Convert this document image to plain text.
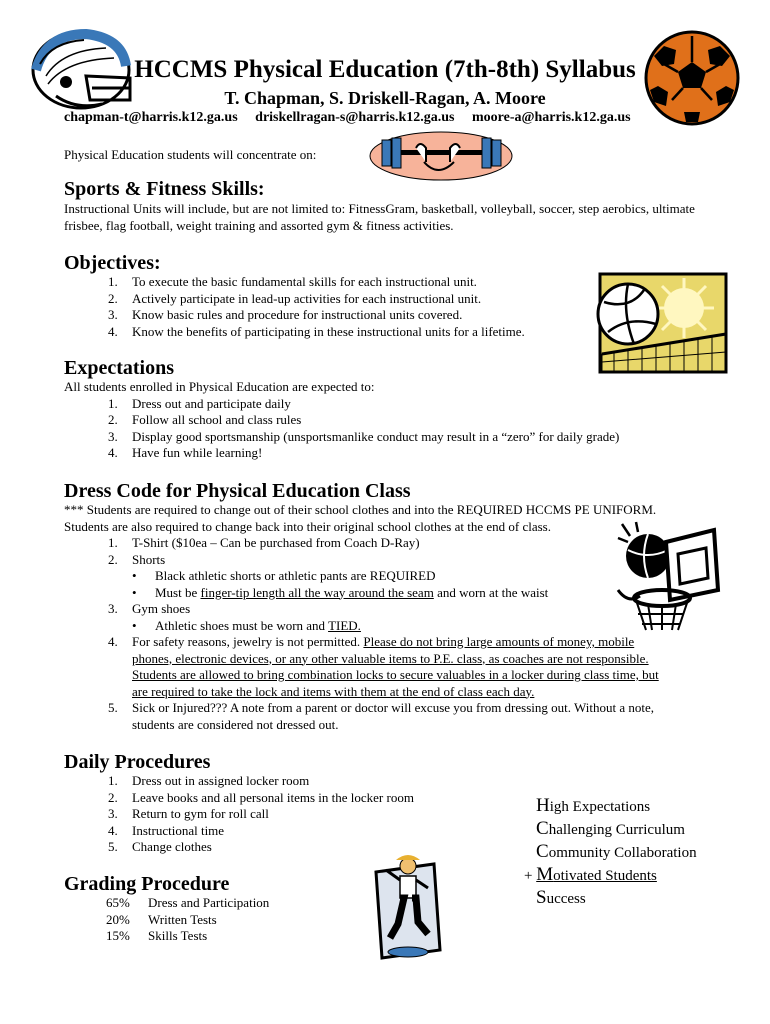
HCCMS Physical Education (7th-8th) Syllabus
T. Chapman, S. Driskell-Ragan, A. Moore
chapman-t@harris.k12.ga.us driskellragan-s@harris.k12.ga.us moore-a@harris.k12.ga.us
Physical Education students will concentrate on:
Sports & Fitness Skills:
Instructional Units will include, but are not limited to: FitnessGram, basketball, volleyball, soccer, step aerobics, ultimate frisbee, flag football, weight training and assorted gym & fitness activities.
Objectives:
1. To execute the basic fundamental skills for each instructional unit.
2. Actively participate in lead-up activities for each instructional unit.
3. Know basic rules and procedure for instructional units covered.
4. Know the benefits of participating in these instructional units for a lifetime.
Expectations
All students enrolled in Physical Education are expected to:
1. Dress out and participate daily
2. Follow all school and class rules
3. Display good sportsmanship (unsportsmanlike conduct may result in a “zero” for daily grade)
4. Have fun while learning!
Dress Code for Physical Education Class
*** Students are required to change out of their school clothes and into the REQUIRED HCCMS PE UNIFORM.
Students are also required to change back into their original school clothes at the end of class.
1. T-Shirt ($10ea – Can be purchased from Coach D-Ray)
2. Shorts
• Black athletic shorts or athletic pants are REQUIRED
• Must be finger-tip length all the way around the seam and worn at the waist
3. Gym shoes
• Athletic shoes must be worn and TIED.
4. For safety reasons, jewelry is not permitted. Please do not bring large amounts of money, mobile
phones, electronic devices, or any other valuable items to P.E. class, as coaches are not responsible.
Students are allowed to bring combination locks to secure valuables in a locker during class time, but
are required to take the lock and items with them at the end of class each day.
5. Sick or Injured??? A note from a parent or doctor will excuse you from dressing out. Without a note,
students are considered not dressed out.
Daily Procedures
1. Dress out in assigned locker room
2. Leave books and all personal items in the locker room
3. Return to gym for roll call
4. Instructional time
5. Change clothes
Grading Procedure
65% Dress and Participation
20% Written Tests
15% Skills Tests
High Expectations
Challenging Curriculum
Community Collaboration
+ Motivated Students
Success
